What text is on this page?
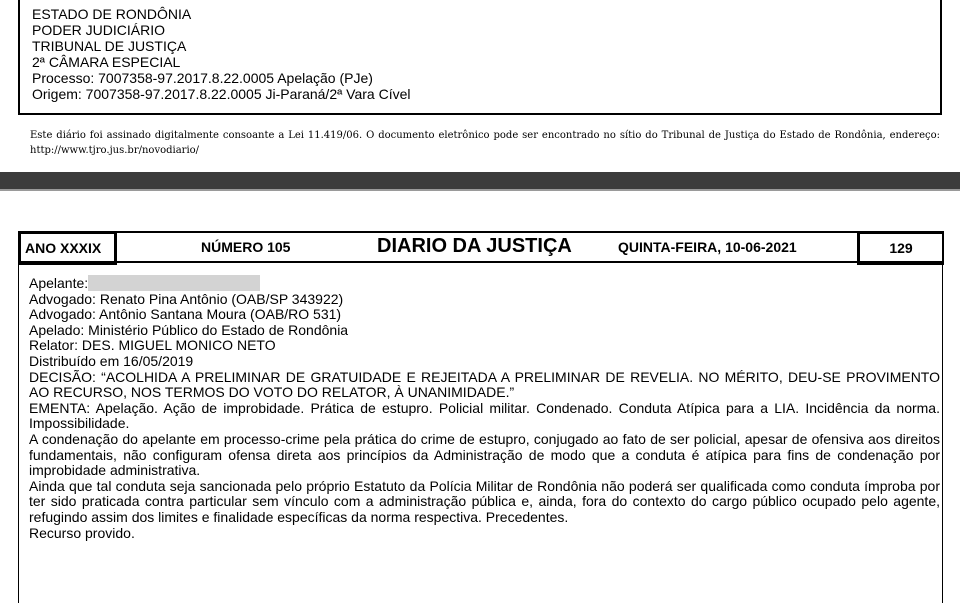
ESTADO DE RONDÔNIA
PODER JUDICIÁRIO
TRIBUNAL DE JUSTIÇA
2ª CÂMARA ESPECIAL
Processo: 7007358-97.2017.8.22.0005 Apelação (PJe)
Origem: 7007358-97.2017.8.22.0005 Ji-Paraná/2ª Vara Cível
Este diário foi assinado digitalmente consoante a Lei 11.419/06. O documento eletrônico pode ser encontrado no sítio do Tribunal de Justiça do Estado de Rondônia, endereço: http://www.tjro.jus.br/novodiario/
ANO XXXIX	NÚMERO 105	DIARIO DA JUSTIÇA	QUINTA-FEIRA, 10-06-2021	129

Apelante:

Advogado: Renato Pina Antônio (OAB/SP 343922)

Advogado: Antônio Santana Moura (OAB/RO 531)

Apelado: Ministério Público do Estado de Rondônia

Relator: DES. MIGUEL MONICO NETO

Distribuído em 16/05/2019

DECISÃO: “ACOLHIDA A PRELIMINAR DE GRATUIDADE E REJEITADA A PRELIMINAR DE REVELIA. NO MÉRITO, DEU-SE PROVIMENTO AO RECURSO, NOS TERMOS DO VOTO DO RELATOR, À UNANIMIDADE.”

EMENTA: Apelação. Ação de improbidade. Prática de estupro. Policial militar. Condenado. Conduta Atípica para a LIA. Incidência da norma. Impossibilidade.

A condenação do apelante em processo-crime pela prática do crime de estupro, conjugado ao fato de ser policial, apesar de ofensiva aos direitos fundamentais, não configuram ofensa direta aos princípios da Administração de modo que a conduta é atípica para fins de condenação por improbidade administrativa.

Ainda que tal conduta seja sancionada pelo próprio Estatuto da Polícia Militar de Rondônia não poderá ser qualificada como conduta ímproba por ter sido praticada contra particular sem vínculo com a administração pública e, ainda, fora do contexto do cargo público ocupado pelo agente, refugindo assim dos limites e finalidade específicas da norma respectiva. Precedentes.

Recurso provido.
